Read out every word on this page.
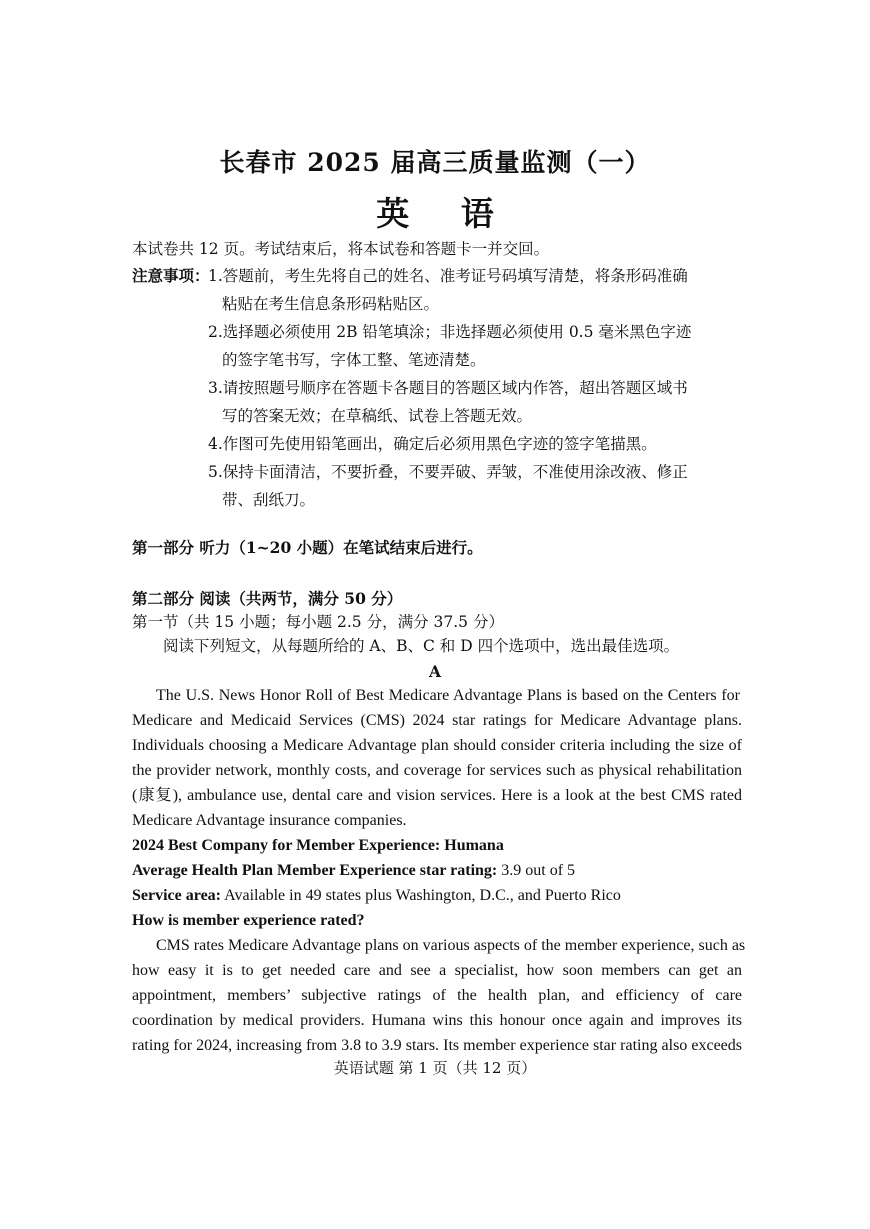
长春市 2025 届高三质量监测（一）
英 语
本试卷共 12 页。考试结束后，将本试卷和答题卡一并交回。
注意事项：
1.答题前，考生先将自己的姓名、准考证号码填写清楚，将条形码准确
粘贴在考生信息条形码粘贴区。
2.选择题必须使用 2B 铅笔填涂；非选择题必须使用 0.5 毫米黑色字迹
的签字笔书写，字体工整、笔迹清楚。
3.请按照题号顺序在答题卡各题目的答题区域内作答，超出答题区域书
写的答案无效；在草稿纸、试卷上答题无效。
4.作图可先使用铅笔画出，确定后必须用黑色字迹的签字笔描黑。
5.保持卡面清洁，不要折叠，不要弄破、弄皱，不准使用涂改液、修正
带、刮纸刀。
第一部分 听力（1~20 小题）在笔试结束后进行。
第二部分 阅读（共两节，满分 50 分）
第一节（共 15 小题；每小题 2.5 分，满分 37.5 分）
阅读下列短文，从每题所给的 A、B、C 和 D 四个选项中，选出最佳选项。
A
The U.S. News Honor Roll of Best Medicare Advantage Plans is based on the Centers for
Medicare and Medicaid Services (CMS) 2024 star ratings for Medicare Advantage plans.
Individuals choosing a Medicare Advantage plan should consider criteria including the size of
the provider network, monthly costs, and coverage for services such as physical rehabilitation
(康复), ambulance use, dental care and vision services. Here is a look at the best CMS rated
Medicare Advantage insurance companies.
2024 Best Company for Member Experience: Humana
Average Health Plan Member Experience star rating: 3.9 out of 5
Service area: Available in 49 states plus Washington, D.C., and Puerto Rico
How is member experience rated?
CMS rates Medicare Advantage plans on various aspects of the member experience, such as
how easy it is to get needed care and see a specialist, how soon members can get an
appointment, members’ subjective ratings of the health plan, and efficiency of care
coordination by medical providers. Humana wins this honour once again and improves its
rating for 2024, increasing from 3.8 to 3.9 stars. Its member experience star rating also exceeds
英语试题 第 1 页（共 12 页）
